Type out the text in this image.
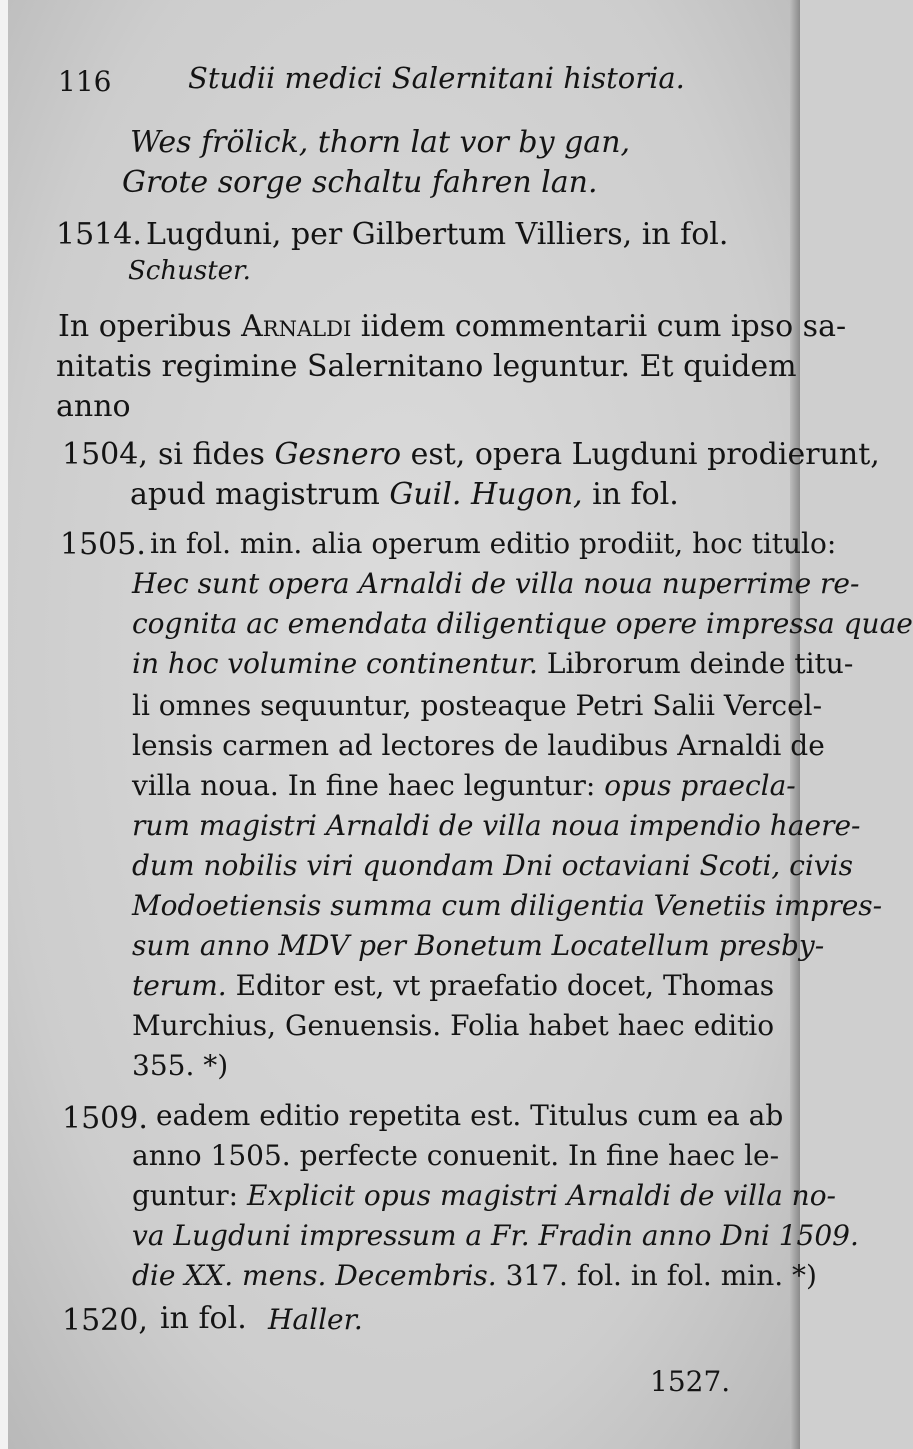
116	Studii medici Salernitani historia.
Wes frölick, thorn lat vor by gan,
Grote sorge schaltu fahren lan.
1514. Lugduni, per Gilbertum Villiers, in fol.
Schuster.
In operibus Arnaldi iidem commentarii cum ipso sa-
nitatis regimine Salernitano leguntur. Et quidem
anno
1504, si fides Gesnero est, opera Lugduni prodierunt,
apud magistrum Guil. Hugon, in fol.
1505. in fol. min. alia operum editio prodiit, hoc titulo:
Hec sunt opera Arnaldi de villa noua nuperrime re-
cognita ac emendata diligentique opere impressa quae
in hoc volumine continentur. Librorum deinde titu-
li omnes sequuntur, posteaque Petri Salii Vercel-
lensis carmen ad lectores de laudibus Arnaldi de
villa noua. In fine haec leguntur: opus praecla-
rum magistri Arnaldi de villa noua impendio haere-
dum nobilis viri quondam Dni octaviani Scoti, civis
Modoetiensis summa cum diligentia Venetiis impres-
sum anno MDV per Bonetum Locatellum presby-
terum. Editor est, vt praefatio docet, Thomas
Murchius, Genuensis. Folia habet haec editio
355. *)
1509. eadem editio repetita est. Titulus cum ea ab
anno 1505. perfecte conuenit. In fine haec le-
guntur: Explicit opus magistri Arnaldi de villa no-
va Lugduni impressum a Fr. Fradin anno Dni 1509.
die XX. mens. Decembris. 317. fol. in fol. min. *)
1520, in fol. Haller.
1527.
